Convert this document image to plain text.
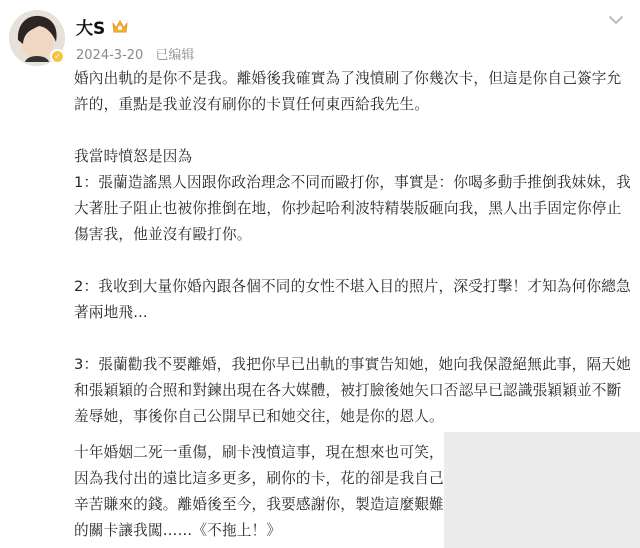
✓
大S
2024-3-20 已编辑

婚內出軌的是你不是我。離婚後我確實為了洩憤刷了你幾次卡，但這是你自己簽字允許的，重點是我並沒有刷你的卡買任何東西給我先生。

我當時憤怒是因為

1：張蘭造謠黑人因跟你政治理念不同而毆打你，事實是：你喝多動手推倒我妹妹，我大著肚子阻止也被你推倒在地，你抄起哈利波特精裝版砸向我，黑人出手固定你停止傷害我，他並沒有毆打你。

2：我收到大量你婚內跟各個不同的女性不堪入目的照片，深受打擊！才知為何你總急著兩地飛…

3：張蘭勸我不要離婚，我把你早已出軌的事實告知她，她向我保證絕無此事，隔天她和張穎穎的合照和對鍊出現在各大媒體，被打臉後她矢口否認早已認識張穎穎並不斷羞辱她，事後你自己公開早已和她交往，她是你的恩人。

十年婚姻二死一重傷，刷卡洩憤這事，現在想來也可笑，因為我付出的遠比這多更多，刷你的卡，花的卻是我自己辛苦賺來的錢。離婚後至今，我要感謝你，製造這麼艱難的關卡讓我闖……《不拖上！》
